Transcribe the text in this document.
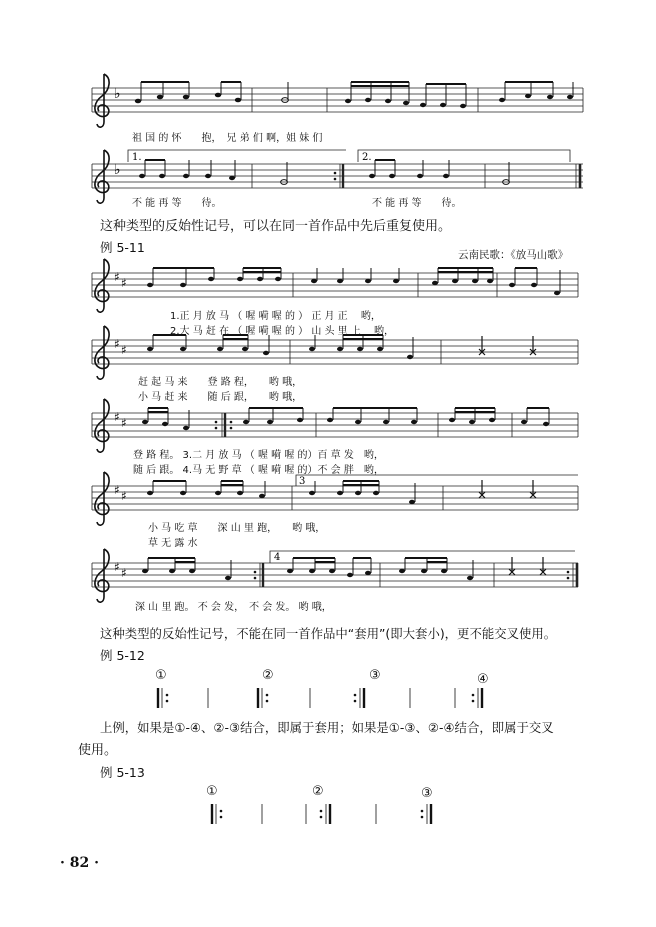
♭
♭
1.	2.
♯ ♯
♯ ♯
♯ ♯
3
♯ ♯
4
♯ ♯
祖 国 的 怀　　抱，　兄 弟 们 啊，姐 妹 们
不 能 再 等　　待。	不 能 再 等　　待。
1.正 月 放 马 （ 喔 嗬 喔 的 ） 正 月 正　 哟，
2.大 马 赶 在 （ 喔 嗬 喔 的 ） 山 头 里 上　 哟，
赶 起 马 来　　登 路 程，　　哟 哦，
小 马 赶 来　　随 后 跟，　　哟 哦，
登 路 程。 3.二 月 放 马 （ 喔 嗬 喔 的）百 草 发　哟，
随 后 跟。 4.马 无 野 草 （ 喔 嗬 喔 的）不 会 胖　哟，
小 马 吃 草　　深 山 里 跑，　　哟 哦，
草 无 露 水
深 山 里 跑。 不 会 发，　不 会 发。 哟 哦，
这种类型的反始性记号，可以在同一首作品中先后重复使用。
例 5-11	云南民歌：《放马山歌》
这种类型的反始性记号，不能在同一首作品中“套用”(即大套小)，更不能交叉使用。
例 5-12
①	②	③	④
上例，如果是①-④、②-③结合，即属于套用；如果是①-③、②-④结合，即属于交叉
使用。
例 5-13
①	②	③
· 82 ·
